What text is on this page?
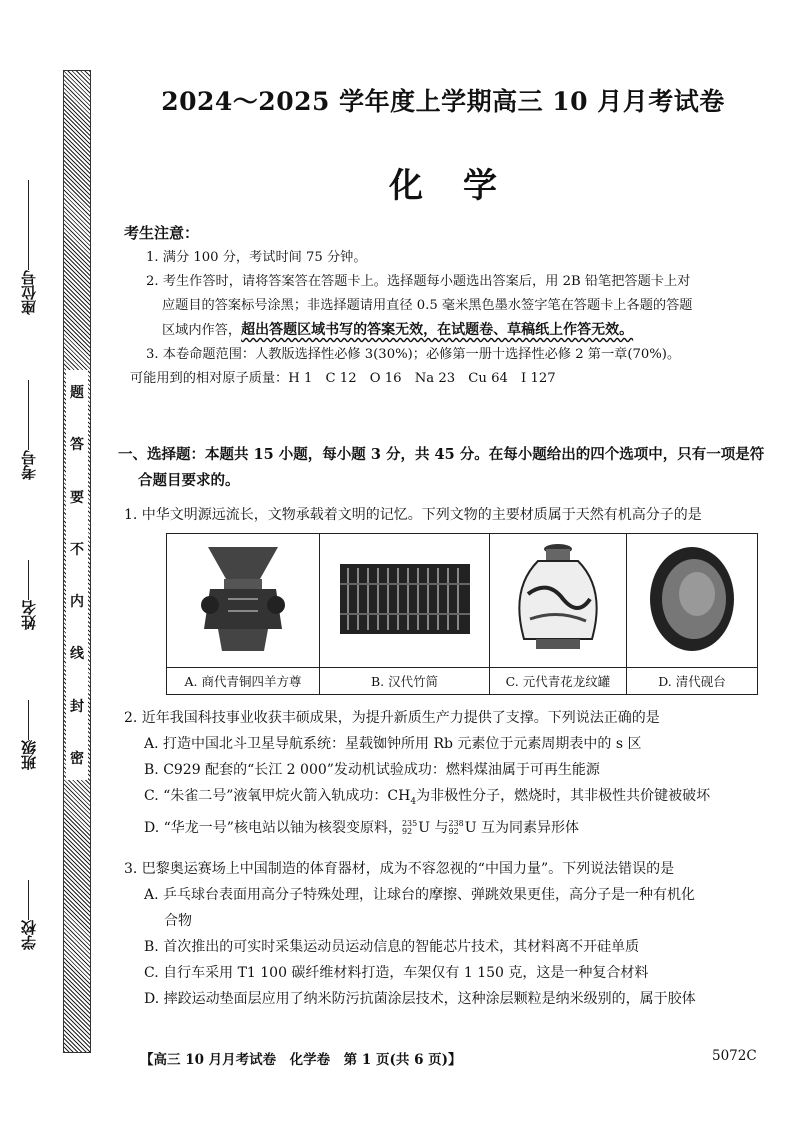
题
答
要
不
内
线
封
密
座位号
考号
姓名
班级
学校
2024～2025 学年度上学期高三 10 月月考试卷
化学
考生注意：

1. 满分 100 分，考试时间 75 分钟。

2. 考生作答时，请将答案答在答题卡上。选择题每小题选出答案后，用 2B 铅笔把答题卡上对

应题目的答案标号涂黑；非选择题请用直径 0.5 毫米黑色墨水签字笔在答题卡上各题的答题

区域内作答，超出答题区域书写的答案无效，在试题卷、草稿纸上作答无效。

3. 本卷命题范围：人教版选择性必修 3(30%)；必修第一册十选择性必修 2 第一章(70%)。

可能用到的相对原子质量：H 1　C 12　O 16　Na 23　Cu 64　I 127

一、选择题：本题共 15 小题，每小题 3 分，共 45 分。在每小题给出的四个选项中，只有一项是符

合题目要求的。

1. 中华文明源远流长，文物承载着文明的记忆。下列文物的主要材质属于天然有机高分子的是

A. 商代青铜四羊方尊	B. 汉代竹简	C. 元代青花龙纹罐	D. 清代砚台

2. 近年我国科技事业收获丰硕成果，为提升新质生产力提供了支撑。下列说法正确的是

A. 打造中国北斗卫星导航系统：星载铷钟所用 Rb 元素位于元素周期表中的 s 区

B. C929 配套的“长江 2 000”发动机试验成功：燃料煤油属于可再生能源

C. “朱雀二号”液氧甲烷火箭入轨成功：$CH_4$为非极性分子，燃烧时，其非极性共价键被破坏

D. “华龙一号”核电站以铀为核裂变原料， 235
92 U 与 238
92 U 互为同素异形体

3. 巴黎奥运赛场上中国制造的体育器材，成为不容忽视的“中国力量”。下列说法错误的是

A. 乒乓球台表面用高分子特殊处理，让球台的摩擦、弹跳效果更佳，高分子是一种有机化

合物

B. 首次推出的可实时采集运动员运动信息的智能芯片技术，其材料离不开硅单质

C. 自行车采用 T1 100 碳纤维材料打造，车架仅有 1 150 克，这是一种复合材料

D. 摔跤运动垫面层应用了纳米防污抗菌涂层技术，这种涂层颗粒是纳米级别的，属于胶体

【高三 10 月月考试卷　化学卷　第 1 页(共 6 页)】	5072C
